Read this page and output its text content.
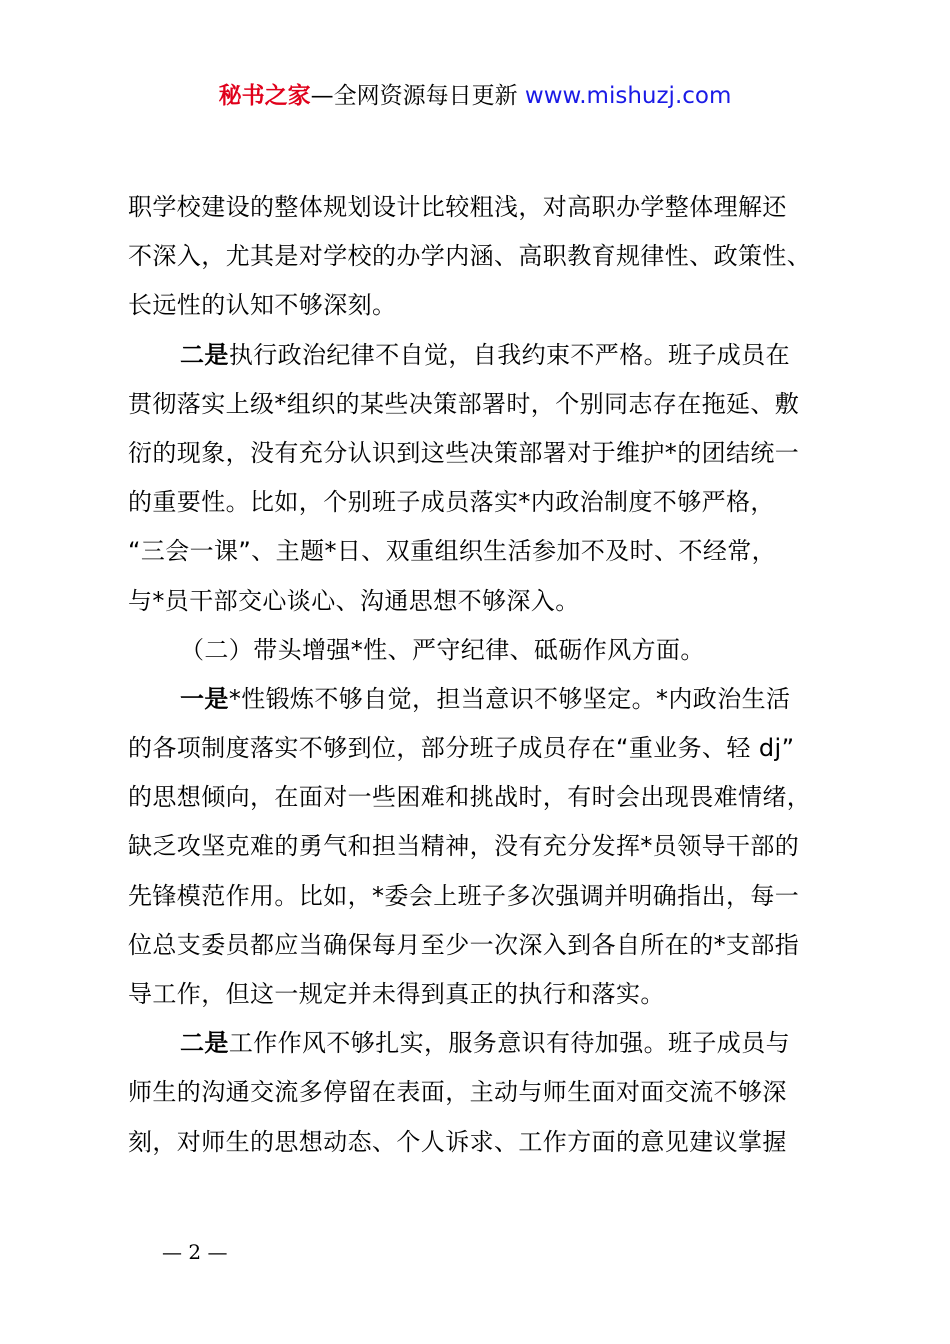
秘书之家—全网资源每日更新 www.mishuzj.com
职学校建设的整体规划设计比较粗浅，对高职办学整体理解还
不深入，尤其是对学校的办学内涵、高职教育规律性、政策性、
长远性的认知不够深刻。
二是执行政治纪律不自觉，自我约束不严格。班子成员在
贯彻落实上级*组织的某些决策部署时，个别同志存在拖延、敷
衍的现象，没有充分认识到这些决策部署对于维护*的团结统一
的重要性。比如，个别班子成员落实*内政治制度不够严格，
“三会一课”、主题*日、双重组织生活参加不及时、不经常，
与*员干部交心谈心、沟通思想不够深入。
（二）带头增强*性、严守纪律、砥砺作风方面。
一是*性锻炼不够自觉，担当意识不够坚定。*内政治生活
的各项制度落实不够到位，部分班子成员存在“重业务、轻 dj”
的思想倾向，在面对一些困难和挑战时，有时会出现畏难情绪，
缺乏攻坚克难的勇气和担当精神，没有充分发挥*员领导干部的
先锋模范作用。比如，*委会上班子多次强调并明确指出，每一
位总支委员都应当确保每月至少一次深入到各自所在的*支部指
导工作，但这一规定并未得到真正的执行和落实。
二是工作作风不够扎实，服务意识有待加强。班子成员与
师生的沟通交流多停留在表面，主动与师生面对面交流不够深
刻，对师生的思想动态、个人诉求、工作方面的意见建议掌握
— 2 —
